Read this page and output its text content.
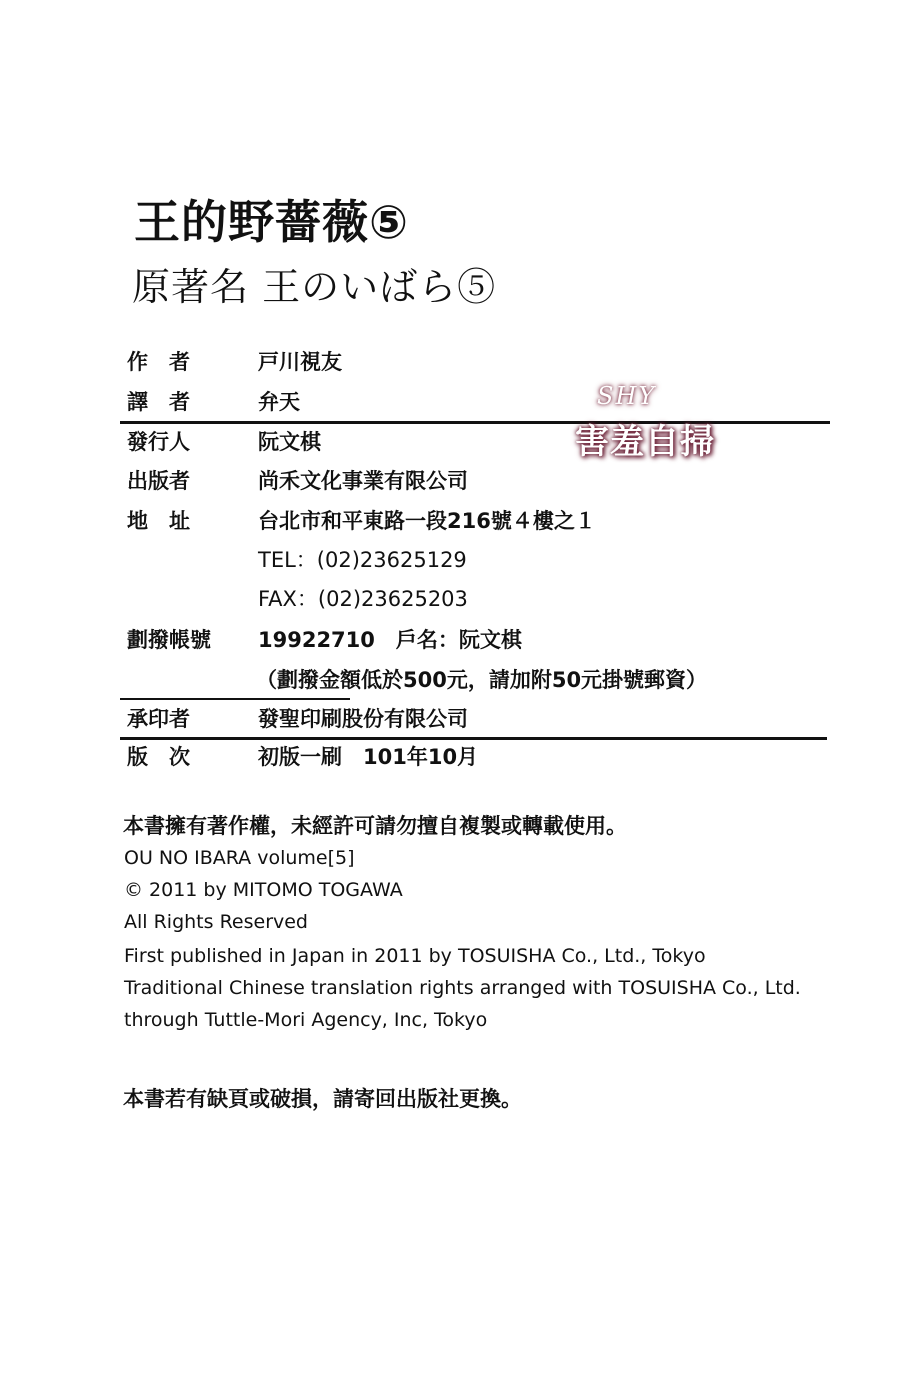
王的野薔薇⑤
原著名 王のいばら⑤
作　者	戸川視友
譯　者	弁天	SHY
害羞自掃
發行人	阮文棋
出版者	尚禾文化事業有限公司
地　址	台北市和平東路一段216號４樓之１
TEL：(02)23625129
FAX：(02)23625203
劃撥帳號 19922710　戶名：阮文棋
（劃撥金額低於500元，請加附50元掛號郵資）
承印者	發聖印刷股份有限公司
版　次	初版一刷　101年10月
本書擁有著作權，未經許可請勿擅自複製或轉載使用。
OU NO IBARA volume[5]
© 2011 by MITOMO TOGAWA
All Rights Reserved
First published in Japan in 2011 by TOSUISHA Co., Ltd., Tokyo
Traditional Chinese translation rights arranged with TOSUISHA Co., Ltd.
through Tuttle-Mori Agency, Inc, Tokyo
本書若有缺頁或破損，請寄回出版社更換。
